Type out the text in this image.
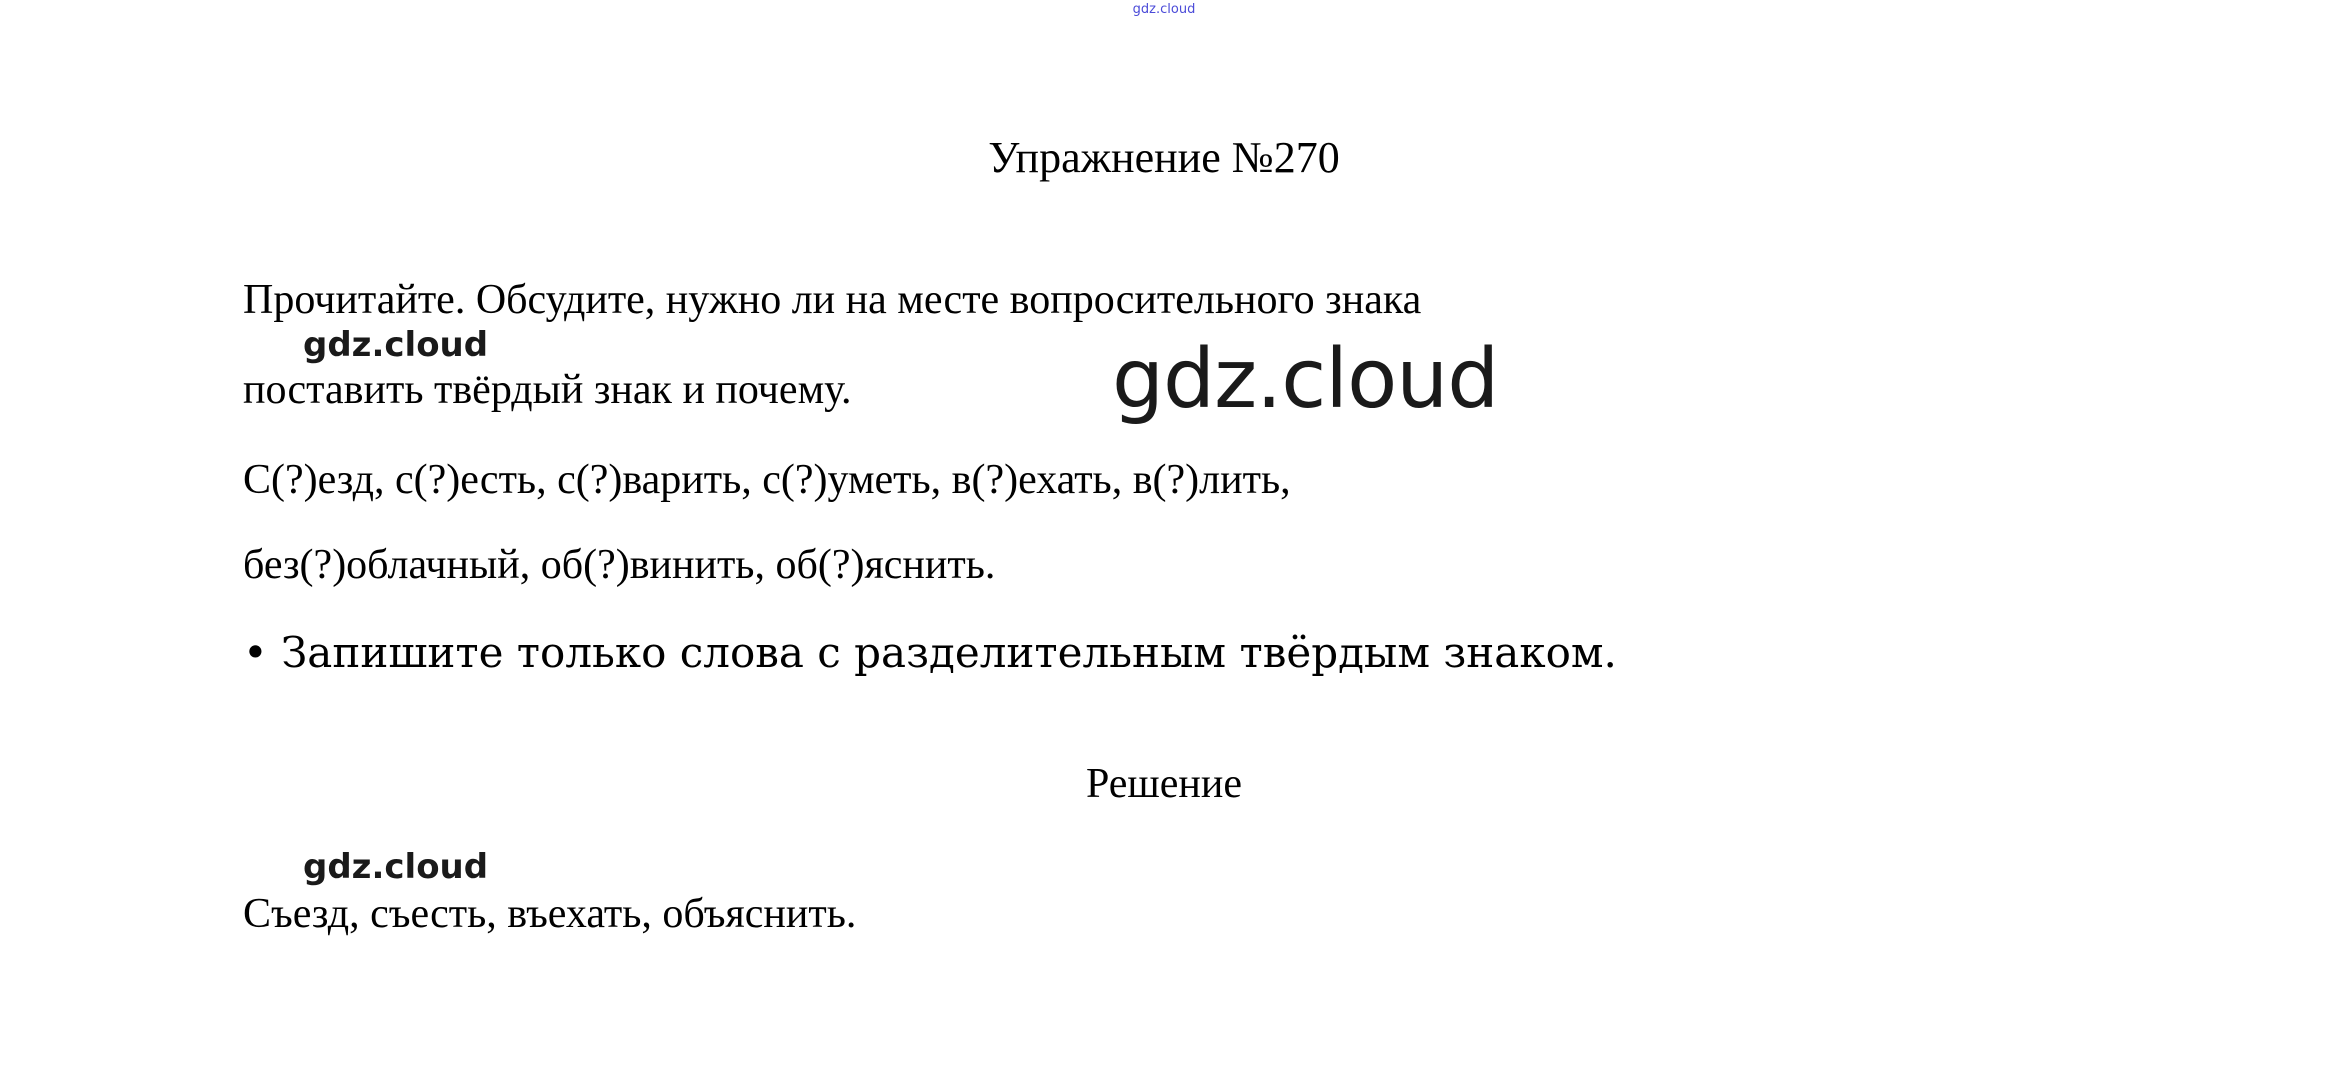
gdz.cloud
Упражнение №270
Прочитайте. Обсудите, нужно ли на месте вопросительного знака
поставить твёрдый знак и почему.
С(?)езд, с(?)есть, с(?)варить, с(?)уметь, в(?)ехать, в(?)лить,
без(?)облачный, об(?)винить, об(?)яснить.
• Запишите только слова с разделительным твёрдым знаком.
Решение
Съезд, съесть, въехать, объяснить.
gdz.cloud	gdz.cloud
gdz.cloud
